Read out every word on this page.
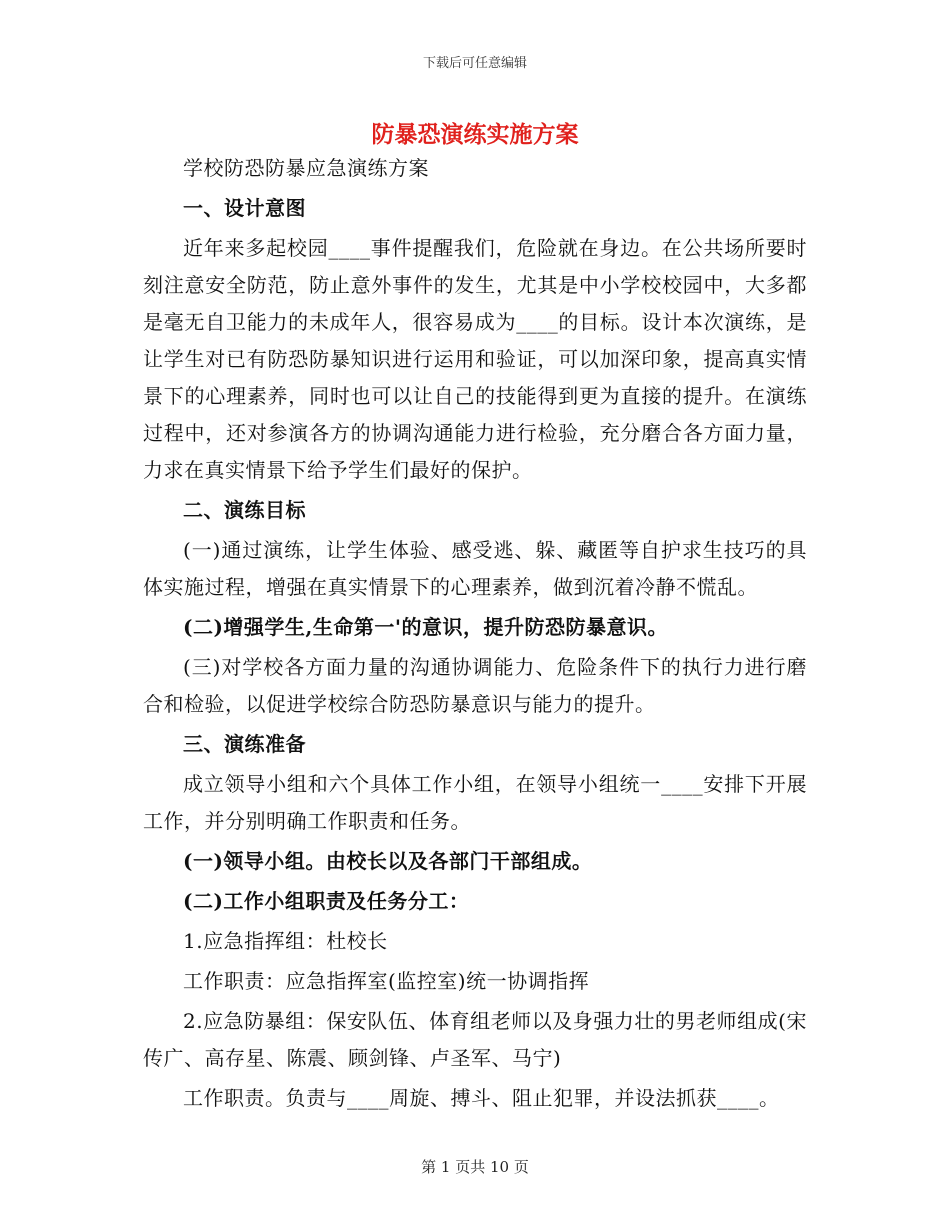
下载后可任意编辑
防暴恐演练实施方案

学校防恐防暴应急演练方案

一、设计意图

近年来多起校园____事件提醒我们，危险就在身边。在公共场所要时刻注意安全防范，防止意外事件的发生，尤其是中小学校校园中，大多都是毫无自卫能力的未成年人，很容易成为____的目标。设计本次演练，是让学生对已有防恐防暴知识进行运用和验证，可以加深印象，提高真实情景下的心理素养，同时也可以让自己的技能得到更为直接的提升。在演练过程中，还对参演各方的协调沟通能力进行检验，充分磨合各方面力量，力求在真实情景下给予学生们最好的保护。

二、演练目标

(一)通过演练，让学生体验、感受逃、躲、藏匿等自护求生技巧的具体实施过程，增强在真实情景下的心理素养，做到沉着冷静不慌乱。

(二)增强学生,生命第一'的意识，提升防恐防暴意识。

(三)对学校各方面力量的沟通协调能力、危险条件下的执行力进行磨合和检验，以促进学校综合防恐防暴意识与能力的提升。

三、演练准备

成立领导小组和六个具体工作小组，在领导小组统一____安排下开展工作，并分别明确工作职责和任务。

(一)领导小组。由校长以及各部门干部组成。

(二)工作小组职责及任务分工：

1.应急指挥组：杜校长

工作职责：应急指挥室(监控室)统一协调指挥

2.应急防暴组：保安队伍、体育组老师以及身强力壮的男老师组成(宋传广、高存星、陈震、顾剑锋、卢圣军、马宁)

工作职责。负责与____周旋、搏斗、阻止犯罪，并设法抓获____。

第 1 页共 10 页
